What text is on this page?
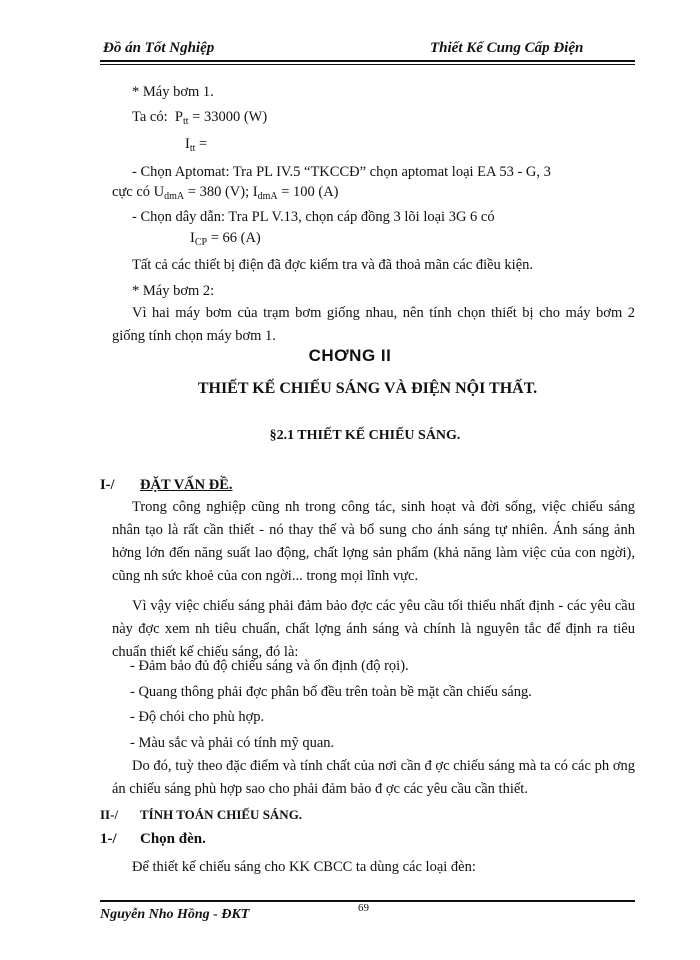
Đồ án Tốt Nghiệp	Thiết Kế Cung Cấp Điện
* Máy bơm 1.
Ta có: $P_{tt} = 33000$ (W)
$I_{tt}$ =
- Chọn Aptomat: Tra PL IV.5 “TKCCĐ” chọn aptomat loại EA 53 - G, 3
cực có $U_{dmA} = 380$ (V); $I_{dmA} = 100$ (A)
- Chọn dây dẫn: Tra PL V.13, chọn cáp đồng 3 lõi loại 3G 6 có
$I_{CP} = 66$ (A)
Tất cả các thiết bị điện đã đợc kiểm tra và đã thoả mãn các điều kiện.
* Máy bơm 2:
Vì hai máy bơm của trạm bơm giống nhau, nên tính chọn thiết bị cho máy bơm 2 giống tính chọn máy bơm 1.
CHƠNG II
THIẾT KẾ CHIẾU SÁNG VÀ ĐIỆN NỘI THẤT.
§2.1 THIẾT KẾ CHIẾU SÁNG.
I-/ ĐẶT VẤN ĐỀ.
Trong công nghiệp cũng nh trong công tác, sinh hoạt và đời sống, việc chiếu sáng nhân tạo là rất cần thiết - nó thay thế và bổ sung cho ánh sáng tự nhiên. Ánh sáng ảnh hởng lớn đến năng suất lao động, chất lợng sản phẩm (khả năng làm việc của con ngời), cũng nh sức khoẻ của con ngời... trong mọi lĩnh vực.
Vì vậy việc chiếu sáng phải đảm bảo đợc các yêu cầu tối thiểu nhất định - các yêu cầu này đợc xem nh tiêu chuẩn, chất lợng ánh sáng và chính là nguyên tắc để định ra tiêu chuẩn thiết kế chiếu sáng, đó là:
- Đảm bảo đủ độ chiếu sáng và ổn định (độ rọi).
- Quang thông phải đợc phân bố đều trên toàn bề mặt cần chiếu sáng.
- Độ chói cho phù hợp.
- Màu sắc và phải có tính mỹ quan.
Do đó, tuỳ theo đặc điểm và tính chất của nơi cần đ ợc chiếu sáng mà ta có các ph ơng án chiếu sáng phù hợp sao cho phải đảm bảo đ ợc các yêu cầu cần thiết.
II-/ TÍNH TOÁN CHIẾU SÁNG.
1-/ Chọn đèn.
Để thiết kế chiếu sáng cho KK CBCC ta dùng các loại đèn:
Nguyễn Nho Hồng - ĐKT	69
